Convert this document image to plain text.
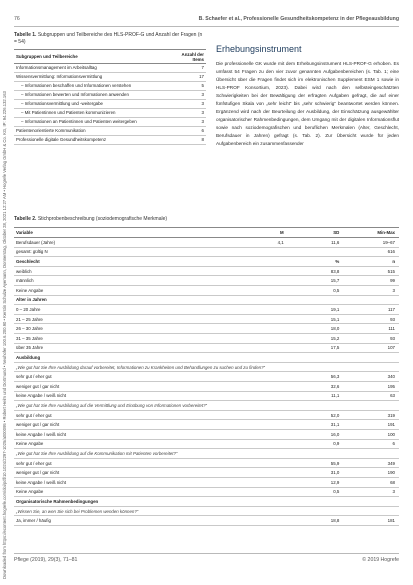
Downloaded from https://econtent.hogrefe.com/doi/pdf/10.1024/2297-1025/a000095 • Robert Helm und Dortmund • Neuhofer 100.6.200.90 • Kerstin Schulze Ayemann, Donnerstag, Oktober 28, 2021 12:27 AM • Hogrefe Verlag GmbH & Co. KG, IP: 94.226.132.163
76	B. Schaefer et al., Professionelle Gesundheitskompetenz in der Pflegeausbildung
Tabelle 1. Subgruppen und Teilbereiche des HLS-PROF-G und Anzahl der Fragen (n = 54)
Subgruppen und Teilbereiche	Anzahl der Items
Informationsmanagement im Arbeitsalltag	7
Wissensvermittlung: Informationsvermittlung	17
– Informationen beschaffen und Informationen verstehen	5
– Informationen bewerten und Informationen anwenden	3
– Informationsvermittlung und -weitergabe	3
– Mit Patientinnen und Patienten kommunizieren	3
– Informationen an Patientinnen und Patienten weitergeben	3
Patientenorientierte Kommunikation	6
Professionelle digitale Gesundheitskompetenz	8
Erhebungsinstrument
Die professionelle GK wurde mit dem Erhebungsinstrument HLS-PROF-G erhoben. Es umfasst 54 Fragen zu den vier zuvor genannten Aufgabenbereichen (s. Tab. 1; eine Übersicht über die Fragen findet sich im elektronischen Supplement ESM 1 sowie in HLS-PROF Konsortium, 2023). Dabei wird nach den selbsteingeschätzten Schwierigkeiten bei der Bewältigung der erfragten Aufgaben gefragt, die auf einer fünfstufigen Skala von „sehr leicht“ bis „sehr schwierig“ beantwortet werden können. Ergänzend wird nach der Beurteilung der Ausbildung, der Einschätzung ausgewählter organisatorischer Rahmenbedingungen, dem Umgang mit der digitalen Informationsflut sowie nach soziodemografischen und beruflichen Merkmalen (Alter, Geschlecht, Berufsdauer in Jahren) gefragt (s. Tab. 2). Zur Übersicht wurde für jeden Aufgabenbereich ein zusammenfassender
Tabelle 2. Stichprobenbeschreibung (soziodemografische Merkmale)
Variable	M	SD	Min-Max
Berufsdauer (Jahre)	4,1	11,6	19–67
gesamt: gültig N			616
Geschlecht		%	n
weiblich		83,8	515
männlich		15,7	99
Keine Angabe		0,5	3
Alter in Jahren			
0 – 20 Jahre		19,1	117
21 – 25 Jahre		15,1	93
26 – 30 Jahre		18,0	111
31 – 35 Jahre		15,2	93
über 35 Jahre		17,5	107
Ausbildung			
„Wie gut hat Sie Ihre Ausbildung darauf vorbereitet, Informationen zu Krankheiten und Behandlungen zu suchen und zu finden?“			
sehr gut / eher gut		56,3	340
weniger gut / gar nicht		32,6	195
keine Angabe / weiß nicht		11,1	63
„Wie gut hat Sie Ihre Ausbildung auf die Vermittlung und Einübung von Informationen vorbereitet?“			
sehr gut / eher gut		52,0	319
weniger gut / gar nicht		31,1	191
keine Angabe / weiß nicht		16,0	100
Keine Angabe		0,9	6
„Wie gut hat Sie Ihre Ausbildung auf die Kommunikation mit Patienten vorbereitet?“			
sehr gut / eher gut		55,9	349
weniger gut / gar nicht		31,0	190
keine Angabe / weiß nicht		12,9	68
Keine Angabe		0,5	3
Organisatorische Rahmenbedingungen			
„Wissen Sie, an wen Sie sich bei Problemen wenden können?“			
Ja, immer / häufig		18,8	181
Pflege (2019), 29(3), 71–81	© 2019 Hogrefe
